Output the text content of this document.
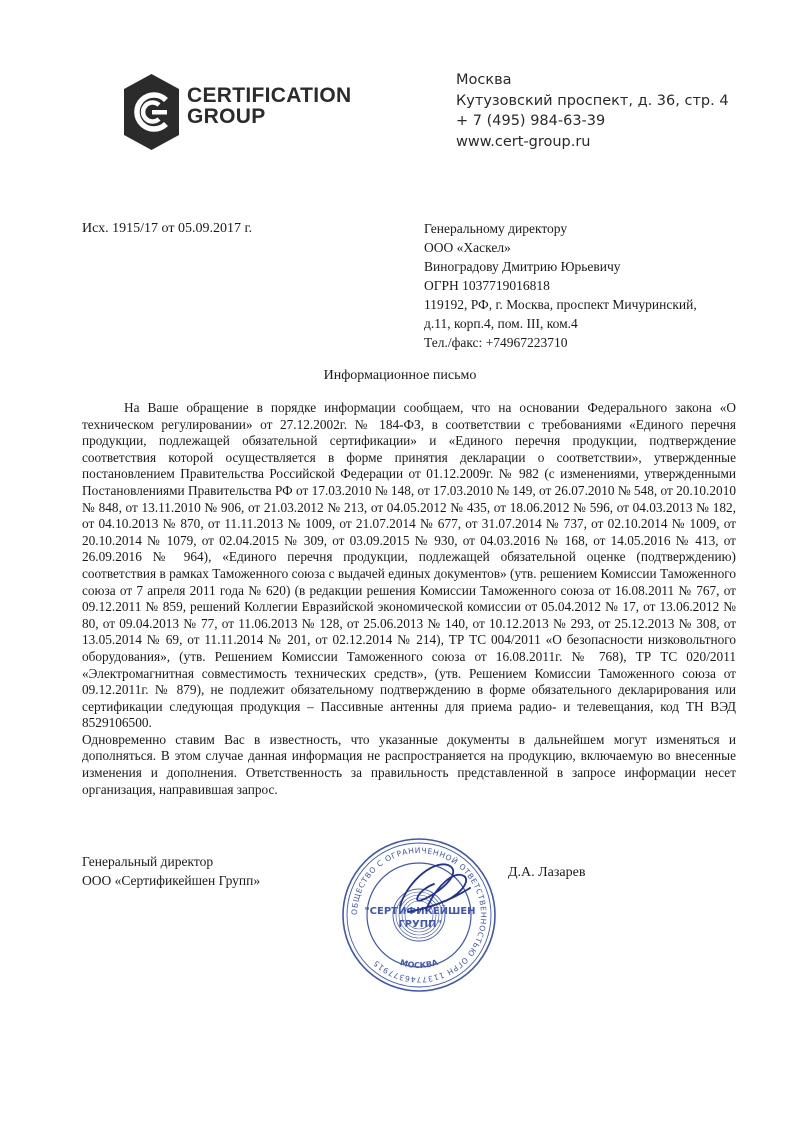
CERTIFICATION
GROUP
Москва
Кутузовский проспект, д. 36, стр. 4
+ 7 (495) 984-63-39
www.cert-group.ru
Исх. 1915/17 от 05.09.2017 г.	Генеральному директору
ООО «Хаскел»
Виноградову Дмитрию Юрьевичу
ОГРН 1037719016818
119192, РФ, г. Москва, проспект Мичуринский,
д.11, корп.4, пом. III, ком.4
Тел./факс: +74967223710
Информационное письмо

На Ваше обращение в порядке информации сообщаем, что на основании Федерального закона «О техническом регулировании» от 27.12.2002г. № 184-ФЗ, в соответствии с требованиями «Единого перечня продукции, подлежащей обязательной сертификации» и «Единого перечня продукции, подтверждение соответствия которой осуществляется в форме принятия декларации о соответствии», утвержденные постановлением Правительства Российской Федерации от 01.12.2009г. № 982 (с изменениями, утвержденными Постановлениями Правительства РФ от 17.03.2010 № 148, от 17.03.2010 № 149, от 26.07.2010 № 548, от 20.10.2010 № 848, от 13.11.2010 № 906, от 21.03.2012 № 213, от 04.05.2012 № 435, от 18.06.2012 № 596, от 04.03.2013 № 182, от 04.10.2013 № 870, от 11.11.2013 № 1009, от 21.07.2014 № 677, от 31.07.2014 № 737, от 02.10.2014 № 1009, от 20.10.2014 № 1079, от 02.04.2015 № 309, от 03.09.2015 № 930, от 04.03.2016 № 168, от 14.05.2016 № 413, от 26.09.2016 № 964), «Единого перечня продукции, подлежащей обязательной оценке (подтверждению) соответствия в рамках Таможенного союза с выдачей единых документов» (утв. решением Комиссии Таможенного союза от 7 апреля 2011 года № 620) (в редакции решения Комиссии Таможенного союза от 16.08.2011 № 767, от 09.12.2011 № 859, решений Коллегии Евразийской экономической комиссии от 05.04.2012 № 17, от 13.06.2012 № 80, от 09.04.2013 № 77, от 11.06.2013 № 128, от 25.06.2013 № 140, от 10.12.2013 № 293, от 25.12.2013 № 308, от 13.05.2014 № 69, от 11.11.2014 № 201, от 02.12.2014 № 214), ТР ТС 004/2011 «О безопасности низковольтного оборудования», (утв. Решением Комиссии Таможенного союза от 16.08.2011г. № 768), ТР ТС 020/2011 «Электромагнитная совместимость технических средств», (утв. Решением Комиссии Таможенного союза от 09.12.2011г. № 879), не подлежит обязательному подтверждению в форме обязательного декларирования или сертификации следующая продукция – Пассивные антенны для приема радио- и телевещания, код ТН ВЭД 8529106500.

Одновременно ставим Вас в известность, что указанные документы в дальнейшем могут изменяться и дополняться. В этом случае данная информация не распространяется на продукцию, включаемую во внесенные изменения и дополнения. Ответственность за правильность представленной в запросе информации несет организация, направившая запрос.

Генеральный директор
ООО «Сертификейшен Групп»
Д.А. Лазарев
ОБЩЕСТВО С ОГРАНИЧЕННОЙ ОТВЕТСТВЕННОСТЬЮ ОГРН 1137746377915	МОСКВА
"СЕРТИФИКЕЙШЕН
ГРУПП"
